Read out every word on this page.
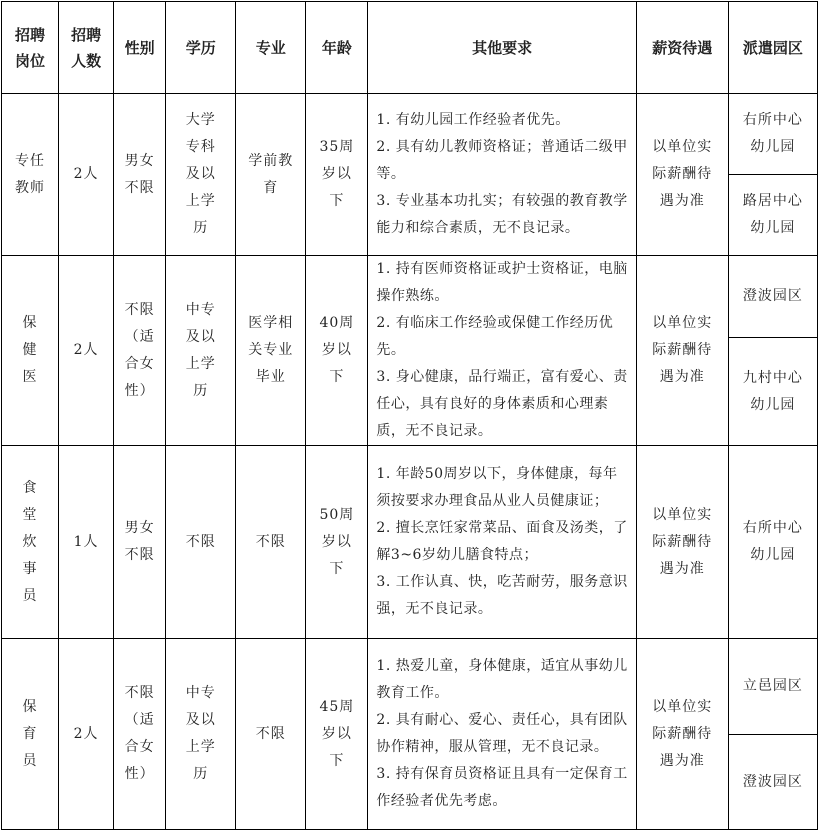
招聘岗位	招聘人数	性别	学历	专业	年龄	其他要求	薪资待遇	派遣园区
专任教师	2人	男女不限	大学专科及以上学历	学前教育	35周岁以下	1. 有幼儿园工作经验者优先。
2. 具有幼儿教师资格证；普通话二级甲等。
3. 专业基本功扎实；有较强的教育教学能力和综合素质，无不良记录。	以单位实际薪酬待遇为准	右所中心幼儿园
								路居中心幼儿园
保健医	2人	不限（适合女性）	中专及以上学历	医学相关专业毕业	40周岁以下	1. 持有医师资格证或护士资格证，电脑操作熟练。
2. 有临床工作经验或保健工作经历优先。
3. 身心健康，品行端正，富有爱心、责任心，具有良好的身体素质和心理素质，无不良记录。	以单位实际薪酬待遇为准	澄波园区
								九村中心幼儿园
食堂炊事员	1人	男女不限	不限	不限	50周岁以下	1. 年龄50周岁以下，身体健康，每年须按要求办理食品从业人员健康证；
2. 擅长烹饪家常菜品、面食及汤类，了解3~6岁幼儿膳食特点；
3. 工作认真、快，吃苦耐劳，服务意识强，无不良记录。	以单位实际薪酬待遇为准	右所中心幼儿园
保育员	2人	不限（适合女性）	中专及以上学历	不限	45周岁以下	1. 热爱儿童，身体健康，适宜从事幼儿教育工作。
2. 具有耐心、爱心、责任心，具有团队协作精神，服从管理，无不良记录。
3. 持有保育员资格证且具有一定保育工作经验者优先考虑。	以单位实际薪酬待遇为准	立邑园区
								澄波园区
